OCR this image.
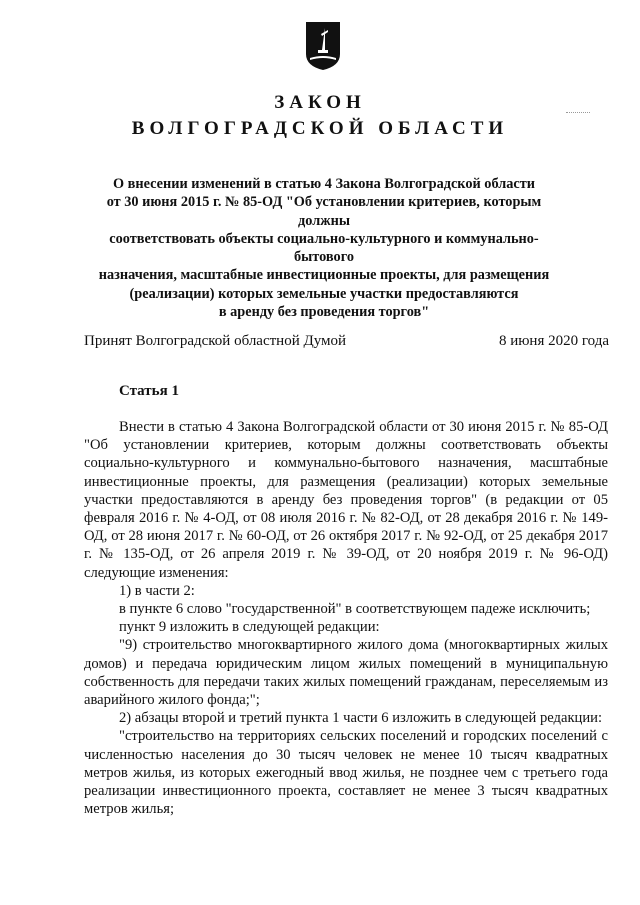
ЗАКОН
ВОЛГОГРАДСКОЙ ОБЛАСТИ
О внесении изменений в статью 4 Закона Волгоградской области
от 30 июня 2015 г. № 85-ОД "Об установлении критериев, которым должны
соответствовать объекты социально-культурного и коммунально-бытового
назначения, масштабные инвестиционные проекты, для размещения
(реализации) которых земельные участки предоставляются
в аренду без проведения торгов"
Принят Волгоградской областной Думой	8 июня 2020 года
Статья 1

Внести в статью 4 Закона Волгоградской области от 30 июня 2015 г. № 85-ОД "Об установлении критериев, которым должны соответствовать объекты социально-культурного и коммунально-бытового назначения, масштабные инвестиционные проекты, для размещения (реализации) которых земельные участки предоставляются в аренду без проведения торгов" (в редакции от 05 февраля 2016 г. № 4-ОД, от 08 июля 2016 г. № 82-ОД, от 28 декабря 2016 г. № 149-ОД, от 28 июня 2017 г. № 60-ОД, от 26 октября 2017 г. № 92-ОД, от 25 декабря 2017 г. № 135-ОД, от 26 апреля 2019 г. № 39-ОД, от 20 ноября 2019 г. № 96-ОД) следующие изменения:

1) в части 2:

в пункте 6 слово "государственной" в соответствующем падеже исключить;

пункт 9 изложить в следующей редакции:

"9) строительство многоквартирного жилого дома (многоквартирных жилых домов) и передача юридическим лицом жилых помещений в муниципальную собственность для передачи таких жилых помещений гражданам, переселяемым из аварийного жилого фонда;";

2) абзацы второй и третий пункта 1 части 6 изложить в следующей редакции:

"строительство на территориях сельских поселений и городских поселений с численностью населения до 30 тысяч человек не менее 10 тысяч квадратных метров жилья, из которых ежегодный ввод жилья, не позднее чем с третьего года реализации инвестиционного проекта, составляет не менее 3 тысяч квадратных метров жилья;
